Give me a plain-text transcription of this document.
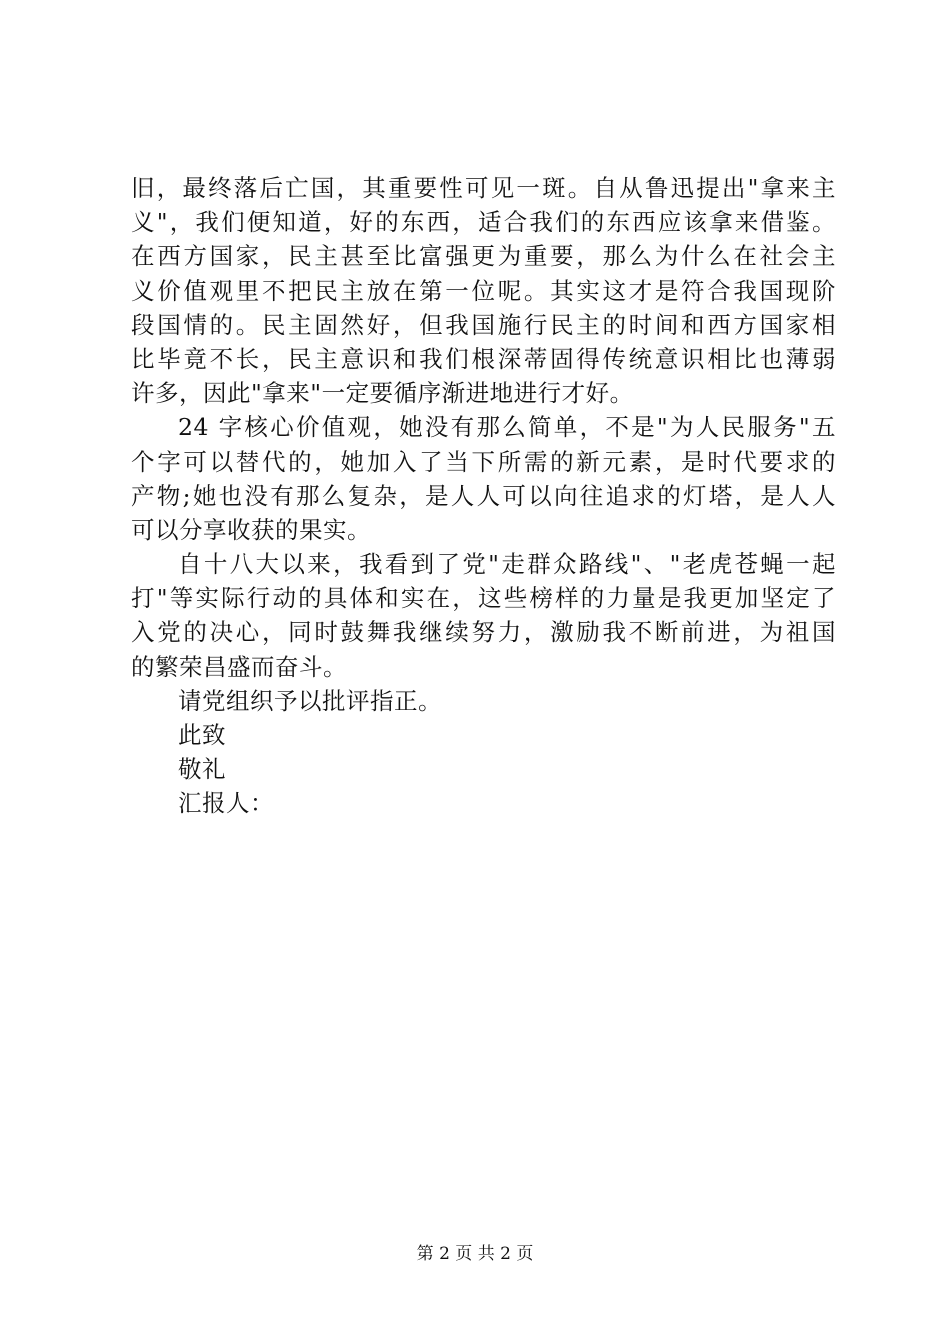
旧，最终落后亡国，其重要性可见一斑。自从鲁迅提出"拿来主
义"，我们便知道，好的东西，适合我们的东西应该拿来借鉴。
在西方国家，民主甚至比富强更为重要，那么为什么在社会主
义价值观里不把民主放在第一位呢。其实这才是符合我国现阶
段国情的。民主固然好，但我国施行民主的时间和西方国家相
比毕竟不长，民主意识和我们根深蒂固得传统意识相比也薄弱
许多，因此"拿来"一定要循序渐进地进行才好。
24 字核心价值观，她没有那么简单，不是"为人民服务"五
个字可以替代的，她加入了当下所需的新元素，是时代要求的
产物;她也没有那么复杂，是人人可以向往追求的灯塔，是人人
可以分享收获的果实。
自十八大以来，我看到了党"走群众路线"、"老虎苍蝇一起
打"等实际行动的具体和实在，这些榜样的力量是我更加坚定了
入党的决心，同时鼓舞我继续努力，激励我不断前进，为祖国
的繁荣昌盛而奋斗。
请党组织予以批评指正。
此致
敬礼
汇报人：
第 2 页 共 2 页
